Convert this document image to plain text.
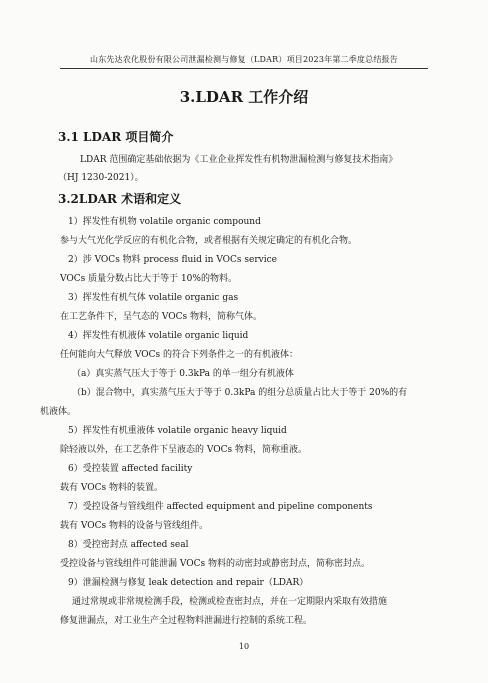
山东先达农化股份有限公司泄漏检测与修复（LDAR）项目2023年第二季度总结报告
3.LDAR 工作介绍
3.1 LDAR 项目简介
LDAR 范围确定基础依据为《工业企业挥发性有机物泄漏检测与修复技术指南》
（HJ 1230-2021）。
3.2LDAR 术语和定义
1）挥发性有机物 volatile organic compound
参与大气光化学反应的有机化合物，或者根据有关规定确定的有机化合物。
2）涉 VOCs 物料 process fluid in VOCs service
VOCs 质量分数占比大于等于 10%的物料。
3）挥发性有机气体 volatile organic gas
在工艺条件下，呈气态的 VOCs 物料，简称气体。
4）挥发性有机液体 volatile organic liquid
任何能向大气释放 VOCs 的符合下列条件之一的有机液体：
（a）真实蒸气压大于等于 0.3kPa 的单一组分有机液体
（b）混合物中，真实蒸气压大于等于 0.3kPa 的组分总质量占比大于等于 20%的有
机液体。
5）挥发性有机重液体 volatile organic heavy liquid
除轻液以外，在工艺条件下呈液态的 VOCs 物料，简称重液。
6）受控装置 affected facility
载有 VOCs 物料的装置。
7）受控设备与管线组件 affected equipment and pipeline components
载有 VOCs 物料的设备与管线组件。
8）受控密封点 affected seal
受控设备与管线组件可能泄漏 VOCs 物料的动密封或静密封点，简称密封点。
9）泄漏检测与修复 leak detection and repair（LDAR）
通过常规或非常规检测手段，检测或检查密封点，并在一定期限内采取有效措施
修复泄漏点，对工业生产全过程物料泄漏进行控制的系统工程。
10
